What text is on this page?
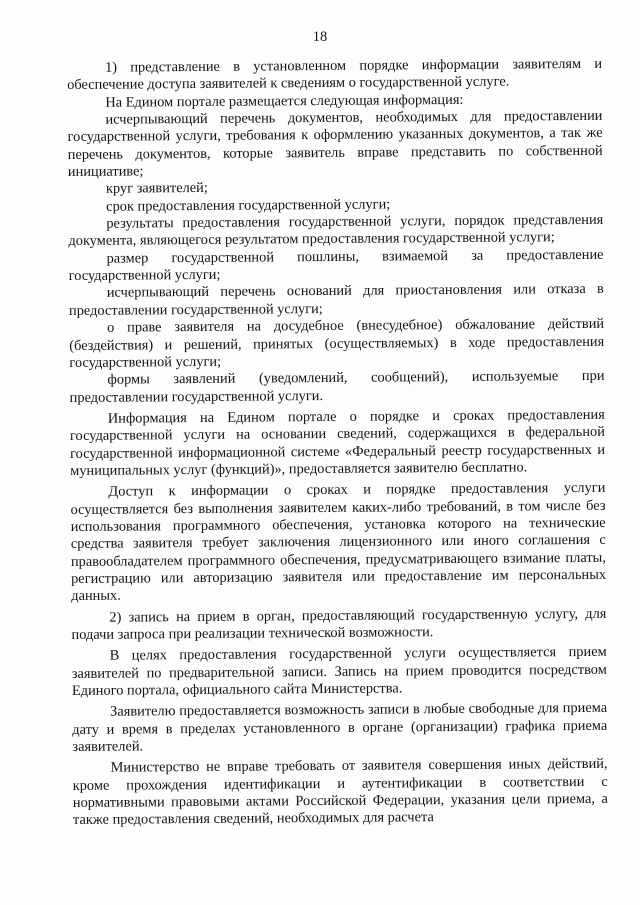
18

1) представление в установленном порядке информации заявителям и обеспечение доступа заявителей к сведениям о государственной услуге.

На Едином портале размещается следующая информация:

исчерпывающий перечень документов, необходимых для предоставлении государственной услуги, требования к оформлению указанных документов, а так же перечень документов, которые заявитель вправе представить по собственной инициативе;

круг заявителей;

срок предоставления государственной услуги;

результаты предоставления государственной услуги, порядок представления документа, являющегося результатом предоставления государственной услуги;

размер государственной пошлины, взимаемой за предоставление государственной услуги;

исчерпывающий перечень оснований для приостановления или отказа в предоставлении государственной услуги;

о праве заявителя на досудебное (внесудебное) обжалование действий (бездействия) и решений, принятых (осуществляемых) в ходе предоставления государственной услуги;

формы заявлений (уведомлений, сообщений), используемые при предоставлении государственной услуги.

Информация на Едином портале о порядке и сроках предоставления государственной услуги на основании сведений, содержащихся в федеральной государственной информационной системе «Федеральный реестр государственных и муниципальных услуг (функций)», предоставляется заявителю бесплатно.

Доступ к информации о сроках и порядке предоставления услуги осуществляется без выполнения заявителем каких-либо требований, в том числе без использования программного обеспечения, установка которого на технические средства заявителя требует заключения лицензионного или иного соглашения с правообладателем программного обеспечения, предусматривающего взимание платы, регистрацию или авторизацию заявителя или предоставление им персональных данных.

2) запись на прием в орган, предоставляющий государственную услугу, для подачи запроса при реализации технической возможности.

В целях предоставления государственной услуги осуществляется прием заявителей по предварительной записи. Запись на прием проводится посредством Единого портала, официального сайта Министерства.

Заявителю предоставляется возможность записи в любые свободные для приема дату и время в пределах установленного в органе (организации) графика приема заявителей.

Министерство не вправе требовать от заявителя совершения иных действий, кроме прохождения идентификации и аутентификации в соответствии с нормативными правовыми актами Российской Федерации, указания цели приема, а также предоставления сведений, необходимых для расчета
